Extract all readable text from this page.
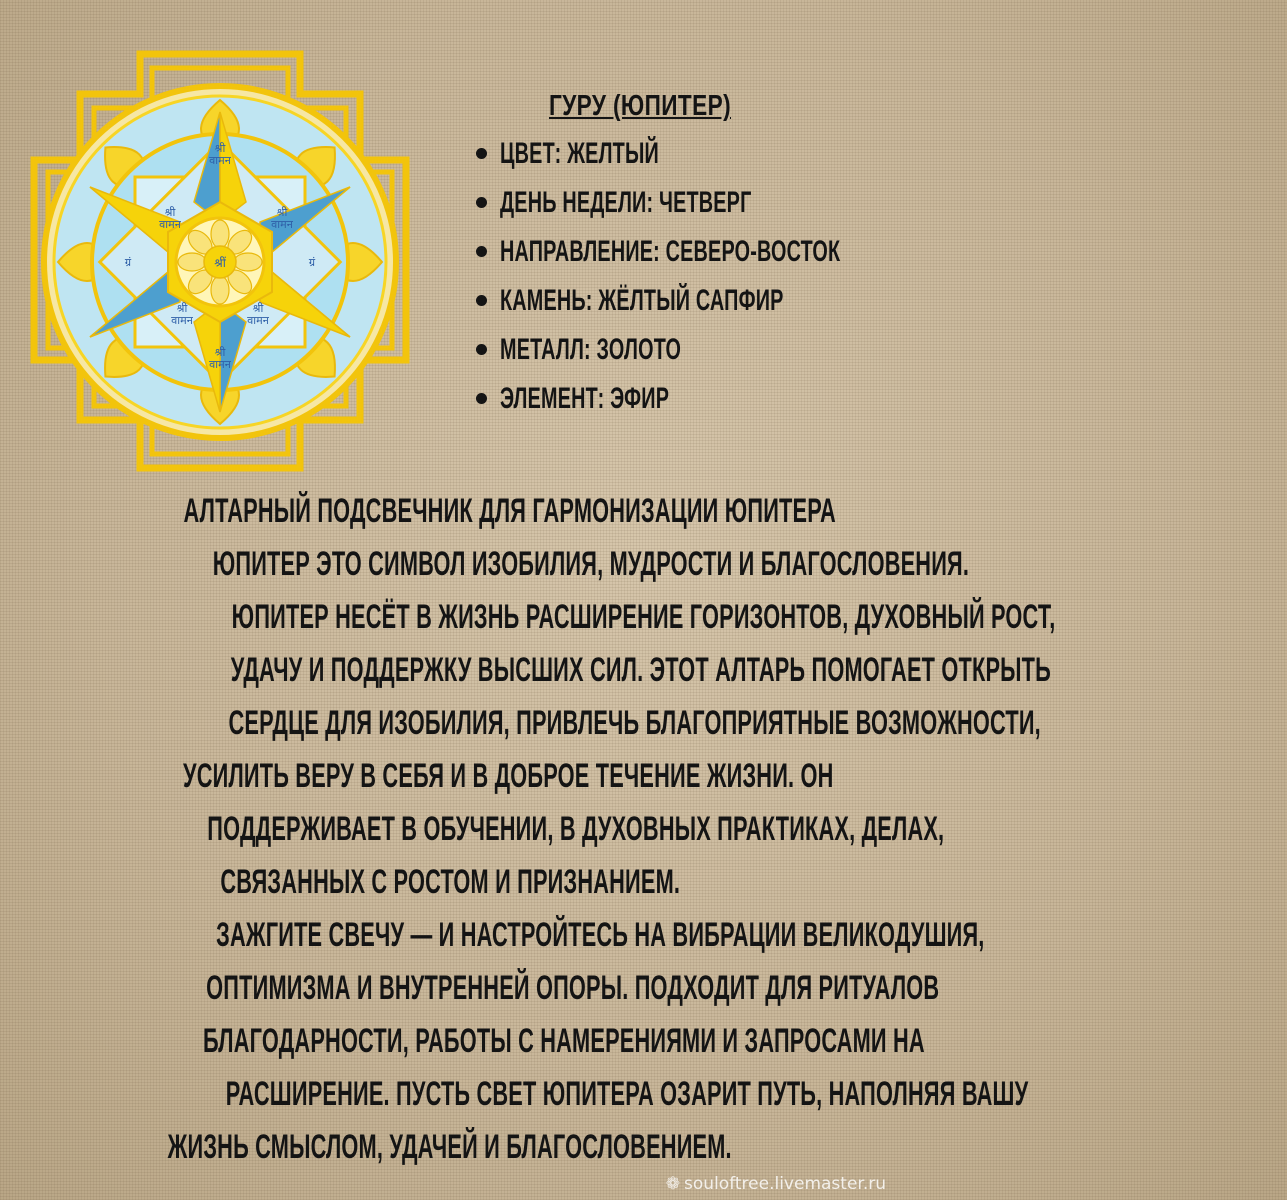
श्रीं
श्री
वामन
श्री
वामन
श्री
वामन
श्री
वामन
श्री
वामन
श्री
वामन
ग्रं	ग्रं
ГУРУ (ЮПИТЕР)
ЦВЕТ: ЖЕЛТЫЙ
ДЕНЬ НЕДЕЛИ: ЧЕТВЕРГ
НАПРАВЛЕНИЕ: СЕВЕРО-ВОСТОК
КАМЕНЬ: ЖЁЛТЫЙ САПФИР
МЕТАЛЛ: ЗОЛОТО
ЭЛЕМЕНТ: ЭФИР
АЛТАРНЫЙ ПОДСВЕЧНИК ДЛЯ ГАРМОНИЗАЦИИ ЮПИТЕРА
ЮПИТЕР ЭТО СИМВОЛ ИЗОБИЛИЯ, МУДРОСТИ И БЛАГОСЛОВЕНИЯ.
ЮПИТЕР НЕСЁТ В ЖИЗНЬ РАСШИРЕНИЕ ГОРИЗОНТОВ, ДУХОВНЫЙ РОСТ,
УДАЧУ И ПОДДЕРЖКУ ВЫСШИХ СИЛ. ЭТОТ АЛТАРЬ ПОМОГАЕТ ОТКРЫТЬ
СЕРДЦЕ ДЛЯ ИЗОБИЛИЯ, ПРИВЛЕЧЬ БЛАГОПРИЯТНЫЕ ВОЗМОЖНОСТИ,
УСИЛИТЬ ВЕРУ В СЕБЯ И В ДОБРОЕ ТЕЧЕНИЕ ЖИЗНИ. ОН
ПОДДЕРЖИВАЕТ В ОБУЧЕНИИ, В ДУХОВНЫХ ПРАКТИКАХ, ДЕЛАХ,
СВЯЗАННЫХ С РОСТОМ И ПРИЗНАНИЕМ.
ЗАЖГИТЕ СВЕЧУ — И НАСТРОЙТЕСЬ НА ВИБРАЦИИ ВЕЛИКОДУШИЯ,
ОПТИМИЗМА И ВНУТРЕННЕЙ ОПОРЫ. ПОДХОДИТ ДЛЯ РИТУАЛОВ
БЛАГОДАРНОСТИ, РАБОТЫ С НАМЕРЕНИЯМИ И ЗАПРОСАМИ НА
РАСШИРЕНИЕ. ПУСТЬ СВЕТ ЮПИТЕРА ОЗАРИТ ПУТЬ, НАПОЛНЯЯ ВАШУ
ЖИЗНЬ СМЫСЛОМ, УДАЧЕЙ И БЛАГОСЛОВЕНИЕМ.
❁ souloftree.livemaster.ru
